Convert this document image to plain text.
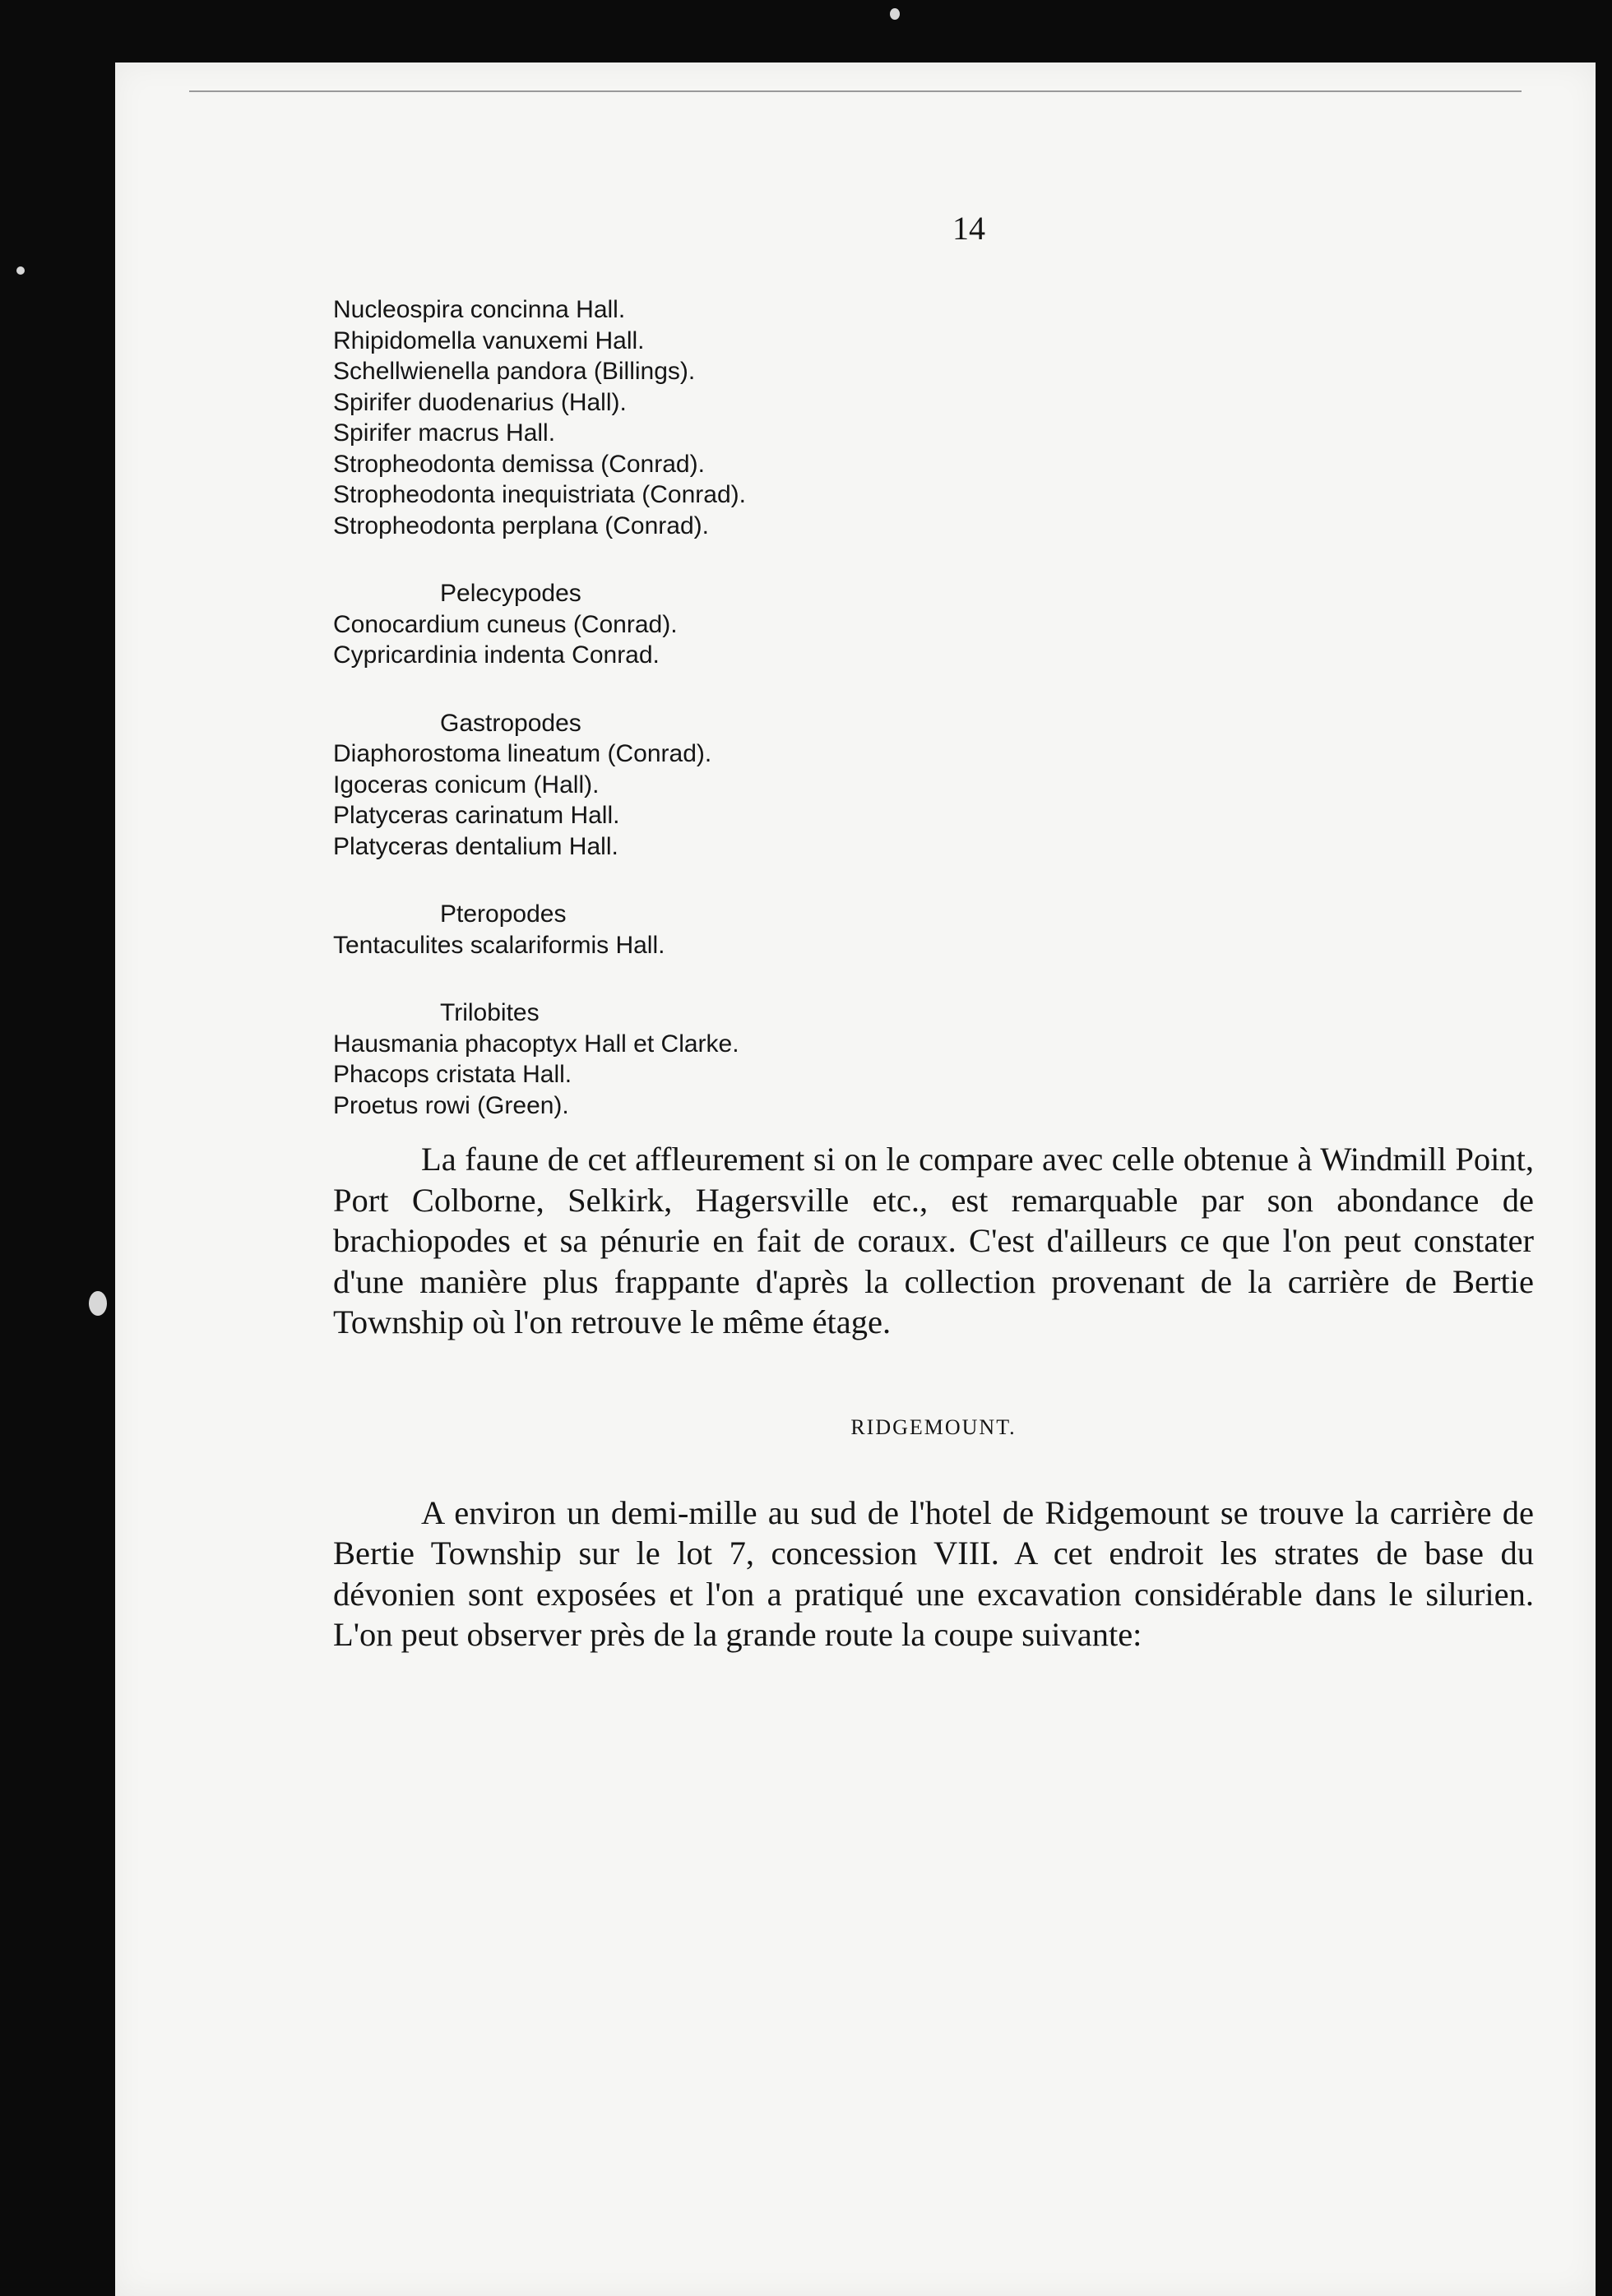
14
Nucleospira concinna Hall.
Rhipidomella vanuxemi Hall.
Schellwienella pandora (Billings).
Spirifer duodenarius (Hall).
Spirifer macrus Hall.
Stropheodonta demissa (Conrad).
Stropheodonta inequistriata (Conrad).
Stropheodonta perplana (Conrad).
Pelecypodes
Conocardium cuneus (Conrad).
Cypricardinia indenta Conrad.
Gastropodes
Diaphorostoma lineatum (Conrad).
Igoceras conicum (Hall).
Platyceras carinatum Hall.
Platyceras dentalium Hall.
Pteropodes
Tentaculites scalariformis Hall.
Trilobites
Hausmania phacoptyx Hall et Clarke.
Phacops cristata Hall.
Proetus rowi (Green).

La faune de cet affleurement si on le compare avec celle obtenue à Windmill Point, Port Colborne, Selkirk, Hagersville etc., est remarquable par son abondance de brachiopodes et sa pénurie en fait de coraux. C'est d'ailleurs ce que l'on peut constater d'une manière plus frappante d'après la collection provenant de la carrière de Bertie Township où l'on retrouve le même étage.

RIDGEMOUNT.

A environ un demi-mille au sud de l'hotel de Ridgemount se trouve la carrière de Bertie Township sur le lot 7, concession VIII. A cet endroit les strates de base du dévonien sont exposées et l'on a pratiqué une excavation considérable dans le silurien. L'on peut observer près de la grande route la coupe suivante:
